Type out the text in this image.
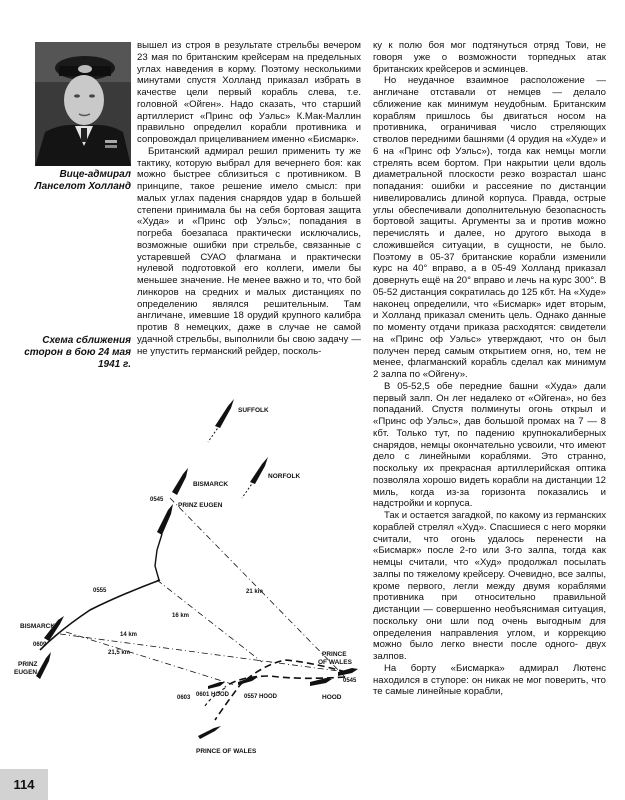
Вице-адмирал
Ланселот Холланд
Схема сближения
сторон в бою 24 мая
1941 г.

вышел из строя в результате стрельбы вечером 23 мая по британским крейсерам на предельных углах наведения в корму. Поэтому несколькими минутами спустя Холланд приказал избрать в качестве цели первый корабль слева, т.е. головной «Ойген». Надо сказать, что старший артиллерист «Принс оф Уэльс» К.Мак-Маллин правильно определил корабли противника и сопровождал прицеливанием именно «Бисмарк».

Британский адмирал решил применить ту же тактику, которую выбрал для вечернего боя: как можно быстрее сблизиться с противником. В принципе, такое решение имело смысл: при малых углах падения снарядов удар в большей степени принимала бы на себя бортовая защита «Худа» и «Принс оф Уэльс»; попадания в погреба боезапаса практически исключались, возможные ошибки при стрельбе, связанные с устаревшей СУАО флагмана и практически нулевой подготовкой его коллеги, имели бы меньшее значение. Не менее важно и то, что бой линкоров на средних и малых дистанциях по определению являлся решительным. Там англичане, имевшие 18 орудий крупного калибра против 8 немецких, даже в случае не самой удачной стрельбы, выполнили бы свою задачу — не упустить германский рейдер, посколь-

ку к полю боя мог подтянуться отряд Тови, не говоря уже о возможности торпедных атак британских крейсеров и эсминцев.

Но неудачное взаимное расположение — англичане отставали от немцев — делало сближение как минимум неудобным. Британским кораблям пришлось бы двигаться носом на противника, ограничивая число стреляющих стволов передними башнями (4 орудия на «Худе» и 6 на «Принс оф Уэльс»), тогда как немцы могли стрелять всем бортом. При накрытии цели вдоль диаметральной плоскости резко возрастал шанс попадания: ошибки и рассеяние по дистанции нивелировались длиной корпуса. Правда, острые углы обеспечивали дополнительную безопасность бортовой защиты. Аргументы за и против можно перечислять и далее, но другого выхода в сложившейся ситуации, в сущности, не было. Поэтому в 05-37 британские корабли изменили курс на 40° вправо, а в 05-49 Холланд приказал довернуть ещё на 20° вправо и лечь на курс 300°. В 05-52 дистанция сократилась до 125 кбт. На «Худе» наконец определили, что «Бисмарк» идет вторым, и Холланд приказал сменить цель. Однако данные по моменту отдачи приказа расходятся: свидетели на «Принс оф Уэльс» утверждают, что он был получен перед самым открытием огня, но, тем не менее, флагманский корабль сделал как минимум 2 залпа по «Ойгену».

В 05-52,5 обе передние башни «Худа» дали первый залп. Он лег недалеко от «Ойгена», но без попаданий. Спустя полминуты огонь открыл и «Принс оф Уэльс», дав большой промах на 7 — 8 кбт. Только тут, по падению крупнокалиберных снарядов, немцы окончательно усвоили, что имеют дело с линейными кораблями. Это странно, поскольку их прекрасная артиллерийская оптика позволяла хорошо видеть корабли на дистанции 12 миль, когда из-за горизонта показались и надстройки и корпуса.

Так и остается загадкой, по какому из германских кораблей стрелял «Худ». Спасшиеся с него моряки считали, что огонь удалось перенести на «Бисмарк» после 2-го или 3-го залпа, тогда как немцы считали, что «Худ» продолжал посылать залпы по тяжелому крейсеру. Очевидно, все залпы, кроме первого, легли между двумя кораблями противника при относительно правильной дистанции — совершенно необъяснимая ситуация, поскольку они шли под очень выгодным для определения направления углом, и коррекцию можно было легко внести после одного- двух залпов.

На борту «Бисмарка» адмирал Лютенс находился в ступоре: он никак не мог поверить, что те самые линейные корабли,

SUFFOLK
NORFOLK
BISMARCK
0545
PRINZ EUGEN
0555
BISMARCK
0609
PRINZ
EUGEN
21 km
16 km
14 km
21,5 km	PRINCE
OF WALES
0545
HOOD
0557 HOOD
0601 HOOD
0603
PRINCE OF WALES
114
